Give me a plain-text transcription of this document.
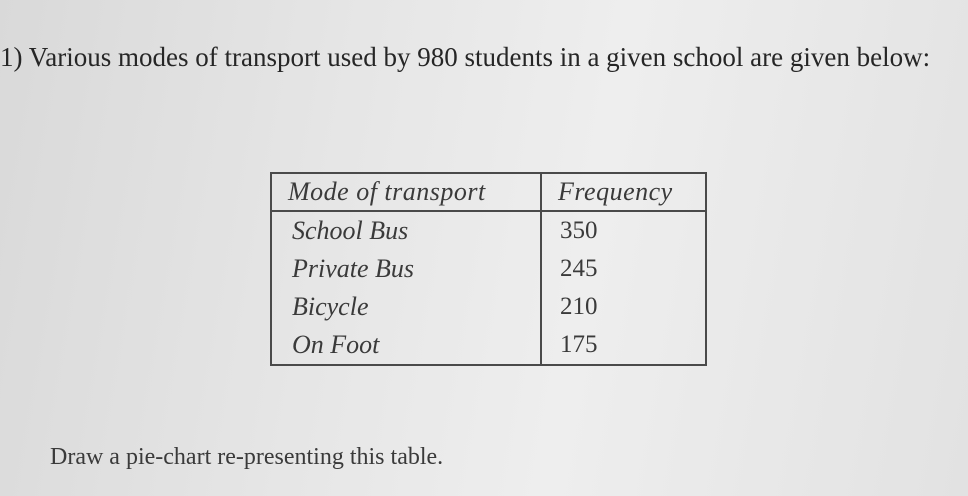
1) Various modes of transport used by 980 students in a given school are given below:

Mode of transport	Frequency
School Bus	350
Private Bus	245
Bicycle	210
On Foot	175

Draw a pie-chart re-presenting this table.
